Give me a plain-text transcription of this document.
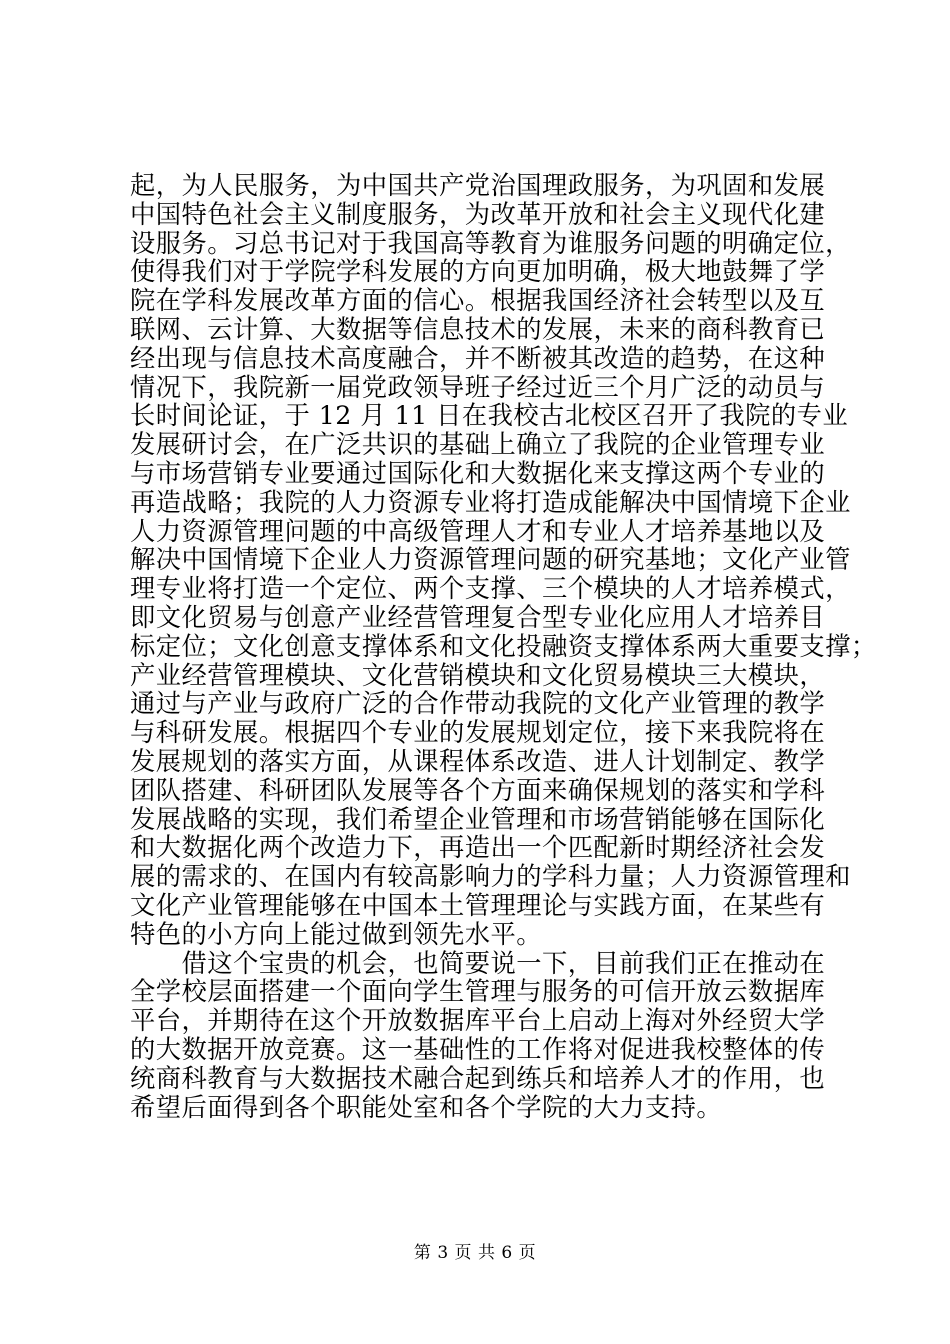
起，为人民服务，为中国共产党治国理政服务，为巩固和发展
中国特色社会主义制度服务，为改革开放和社会主义现代化建
设服务。习总书记对于我国高等教育为谁服务问题的明确定位，
使得我们对于学院学科发展的方向更加明确，极大地鼓舞了学
院在学科发展改革方面的信心。根据我国经济社会转型以及互
联网、云计算、大数据等信息技术的发展，未来的商科教育已
经出现与信息技术高度融合，并不断被其改造的趋势，在这种
情况下，我院新一届党政领导班子经过近三个月广泛的动员与
长时间论证，于 12 月 11 日在我校古北校区召开了我院的专业
发展研讨会，在广泛共识的基础上确立了我院的企业管理专业
与市场营销专业要通过国际化和大数据化来支撑这两个专业的
再造战略；我院的人力资源专业将打造成能解决中国情境下企业
人力资源管理问题的中高级管理人才和专业人才培养基地以及
解决中国情境下企业人力资源管理问题的研究基地；文化产业管
理专业将打造一个定位、两个支撑、三个模块的人才培养模式，
即文化贸易与创意产业经营管理复合型专业化应用人才培养目
标定位；文化创意支撑体系和文化投融资支撑体系两大重要支撑；
产业经营管理模块、文化营销模块和文化贸易模块三大模块，
通过与产业与政府广泛的合作带动我院的文化产业管理的教学
与科研发展。根据四个专业的发展规划定位，接下来我院将在
发展规划的落实方面，从课程体系改造、进人计划制定、教学
团队搭建、科研团队发展等各个方面来确保规划的落实和学科
发展战略的实现，我们希望企业管理和市场营销能够在国际化
和大数据化两个改造力下，再造出一个匹配新时期经济社会发
展的需求的、在国内有较高影响力的学科力量；人力资源管理和
文化产业管理能够在中国本土管理理论与实践方面，在某些有
特色的小方向上能过做到领先水平。
　　借这个宝贵的机会，也简要说一下，目前我们正在推动在
全学校层面搭建一个面向学生管理与服务的可信开放云数据库
平台，并期待在这个开放数据库平台上启动上海对外经贸大学
的大数据开放竞赛。这一基础性的工作将对促进我校整体的传
统商科教育与大数据技术融合起到练兵和培养人才的作用，也
希望后面得到各个职能处室和各个学院的大力支持。
第 3 页 共 6 页
